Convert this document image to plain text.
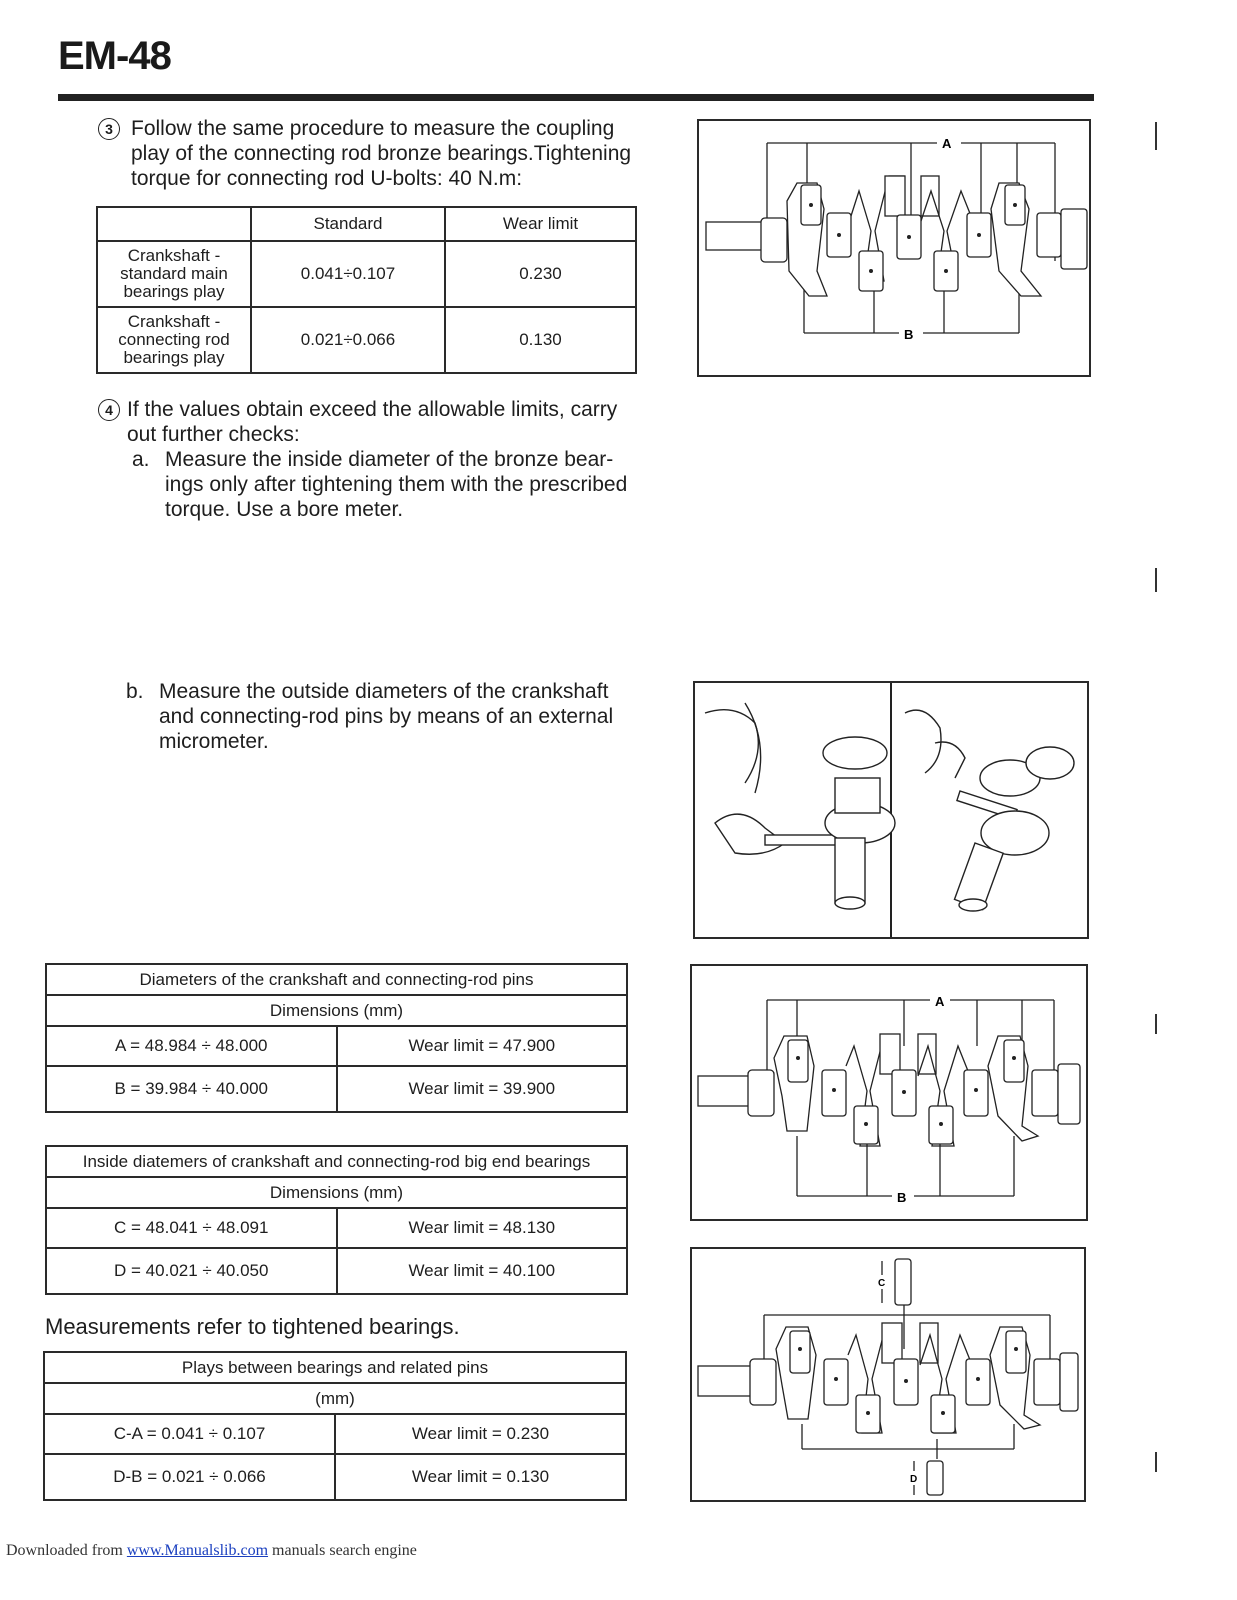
EM-48
3 Follow the same procedure to measure the coupling
play of the connecting rod bronze bearings.Tightening
torque for connecting rod U-bolts: 40 N.m:
	Standard	Wear limit

Crankshaft -
standard main
bearings play	0.041÷0.107	0.230

Crankshaft -
connecting rod
bearings play	0.021÷0.066	0.130
4 If the values obtain exceed the allowable limits, carry
out further checks:
a. Measure the inside diameter of the bronze bear-
ings only after tightening them with the prescribed
torque. Use a bore meter.
b. Measure the outside diameters of the crankshaft
and connecting-rod pins by means of an external
micrometer.
Diameters of the crankshaft and connecting-rod pins	
Dimensions (mm)	
A = 48.984 ÷ 48.000	Wear limit = 47.900
B = 39.984 ÷ 40.000	Wear limit = 39.900
Inside diatemers of crankshaft and connecting-rod big end bearings	
Dimensions (mm)	
C = 48.041 ÷ 48.091	Wear limit = 48.130
D = 40.021 ÷ 40.050	Wear limit = 40.100
Measurements refer to tightened bearings.
Plays between bearings and related pins	
(mm)	
C-A = 0.041 ÷ 0.107	Wear limit = 0.230
D-B = 0.021 ÷ 0.066	Wear limit = 0.130
A
B
A
B
C
D
Downloaded from www.Manualslib.com manuals search engine
